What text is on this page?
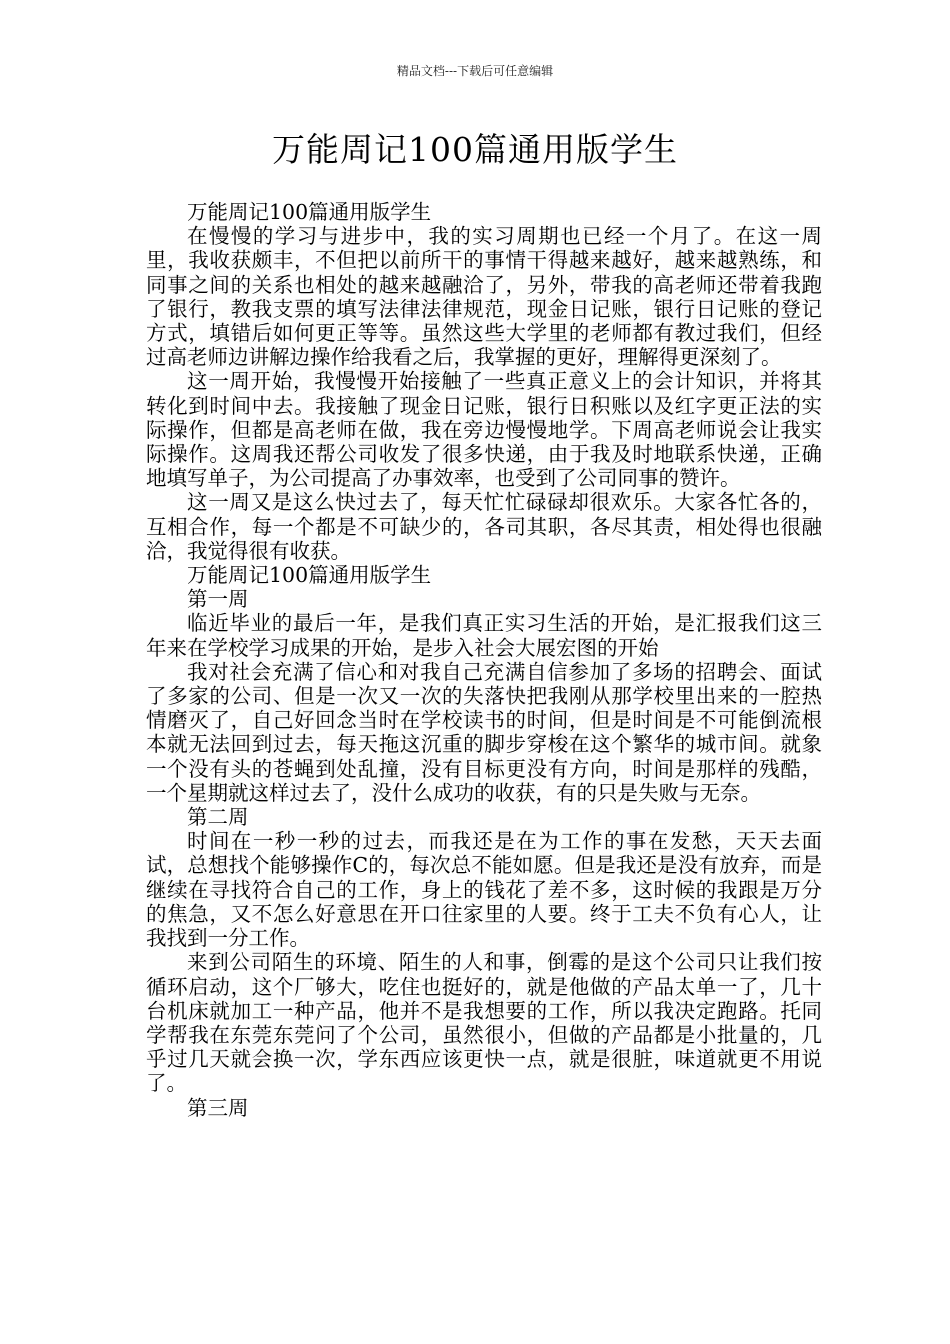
精品文档---下载后可任意编辑
万能周记100篇通用版学生

万能周记100篇通用版学生

在慢慢的学习与进步中，我的实习周期也已经一个月了。在这一周里，我收获颇丰，不但把以前所干的事情干得越来越好，越来越熟练，和同事之间的关系也相处的越来越融洽了，另外，带我的高老师还带着我跑了银行，教我支票的填写法律法律规范，现金日记账，银行日记账的登记方式，填错后如何更正等等。虽然这些大学里的老师都有教过我们，但经过高老师边讲解边操作给我看之后，我掌握的更好，理解得更深刻了。

这一周开始，我慢慢开始接触了一些真正意义上的会计知识，并将其转化到时间中去。我接触了现金日记账，银行日积账以及红字更正法的实际操作，但都是高老师在做，我在旁边慢慢地学。下周高老师说会让我实际操作。这周我还帮公司收发了很多快递，由于我及时地联系快递，正确地填写单子，为公司提高了办事效率，也受到了公司同事的赞许。

这一周又是这么快过去了，每天忙忙碌碌却很欢乐。大家各忙各的，互相合作，每一个都是不可缺少的，各司其职，各尽其责，相处得也很融洽，我觉得很有收获。

万能周记100篇通用版学生

第一周

临近毕业的最后一年，是我们真正实习生活的开始，是汇报我们这三年来在学校学习成果的开始，是步入社会大展宏图的开始

我对社会充满了信心和对我自己充满自信参加了多场的招聘会、面试了多家的公司、但是一次又一次的失落快把我刚从那学校里出来的一腔热情磨灭了，自己好回念当时在学校读书的时间，但是时间是不可能倒流根本就无法回到过去，每天拖这沉重的脚步穿梭在这个繁华的城市间。就象一个没有头的苍蝇到处乱撞，没有目标更没有方向，时间是那样的残酷，一个星期就这样过去了，没什么成功的收获，有的只是失败与无奈。

第二周

时间在一秒一秒的过去，而我还是在为工作的事在发愁，天天去面试，总想找个能够操作C的，每次总不能如愿。但是我还是没有放弃，而是继续在寻找符合自己的工作，身上的钱花了差不多，这时候的我跟是万分的焦急，又不怎么好意思在开口往家里的人要。终于工夫不负有心人，让我找到一分工作。

来到公司陌生的环境、陌生的人和事，倒霉的是这个公司只让我们按循环启动，这个厂够大，吃住也挺好的，就是他做的产品太单一了，几十台机床就加工一种产品，他并不是我想要的工作，所以我决定跑路。托同学帮我在东莞东莞问了个公司，虽然很小，但做的产品都是小批量的，几乎过几天就会换一次，学东西应该更快一点，就是很脏，味道就更不用说了。

第三周
